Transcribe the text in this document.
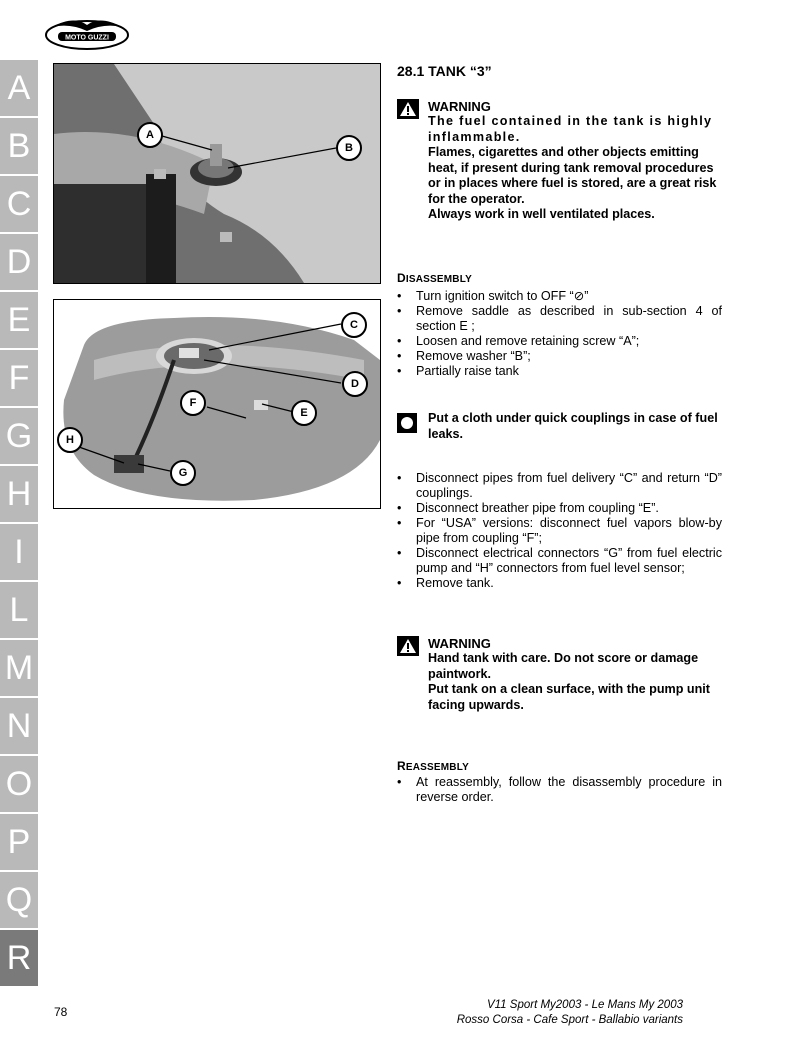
MOTO GUZZI
A
B
C
D
E
F
G
H
I
L
M
N
O
P
Q
R
A
B
C
D
F
E
H
G
28.1 TANK “3”
WARNING
The fuel contained in the tank is highly inflammable.
Flames, cigarettes and other objects emitting heat, if present during tank removal procedures or in places where fuel is stored, are a great risk for the operator.
Always work in well ventilated places.
DISASSEMBLY
• Turn ignition switch to OFF “⊘”
• Remove saddle as described in sub-section 4 of section E ;
• Loosen and remove retaining screw “A”;
• Remove washer “B”;
• Partially raise tank
Put a cloth under quick couplings in case of fuel leaks.
• Disconnect pipes from fuel delivery “C” and return “D” couplings.
• Disconnect breather pipe from coupling “E”.
• For “USA” versions: disconnect fuel vapors blow-by pipe from coupling “F”;
• Disconnect electrical connectors “G” from fuel electric pump and “H” connectors from fuel level sensor;
• Remove tank.
WARNING
Hand tank with care. Do not score or damage paintwork.
Put tank on a clean surface, with the pump unit facing upwards.
REASSEMBLY
• At reassembly, follow the disassembly procedure in reverse order.
78	V11 Sport My2003 - Le Mans My 2003
Rosso Corsa - Cafe Sport - Ballabio variants
